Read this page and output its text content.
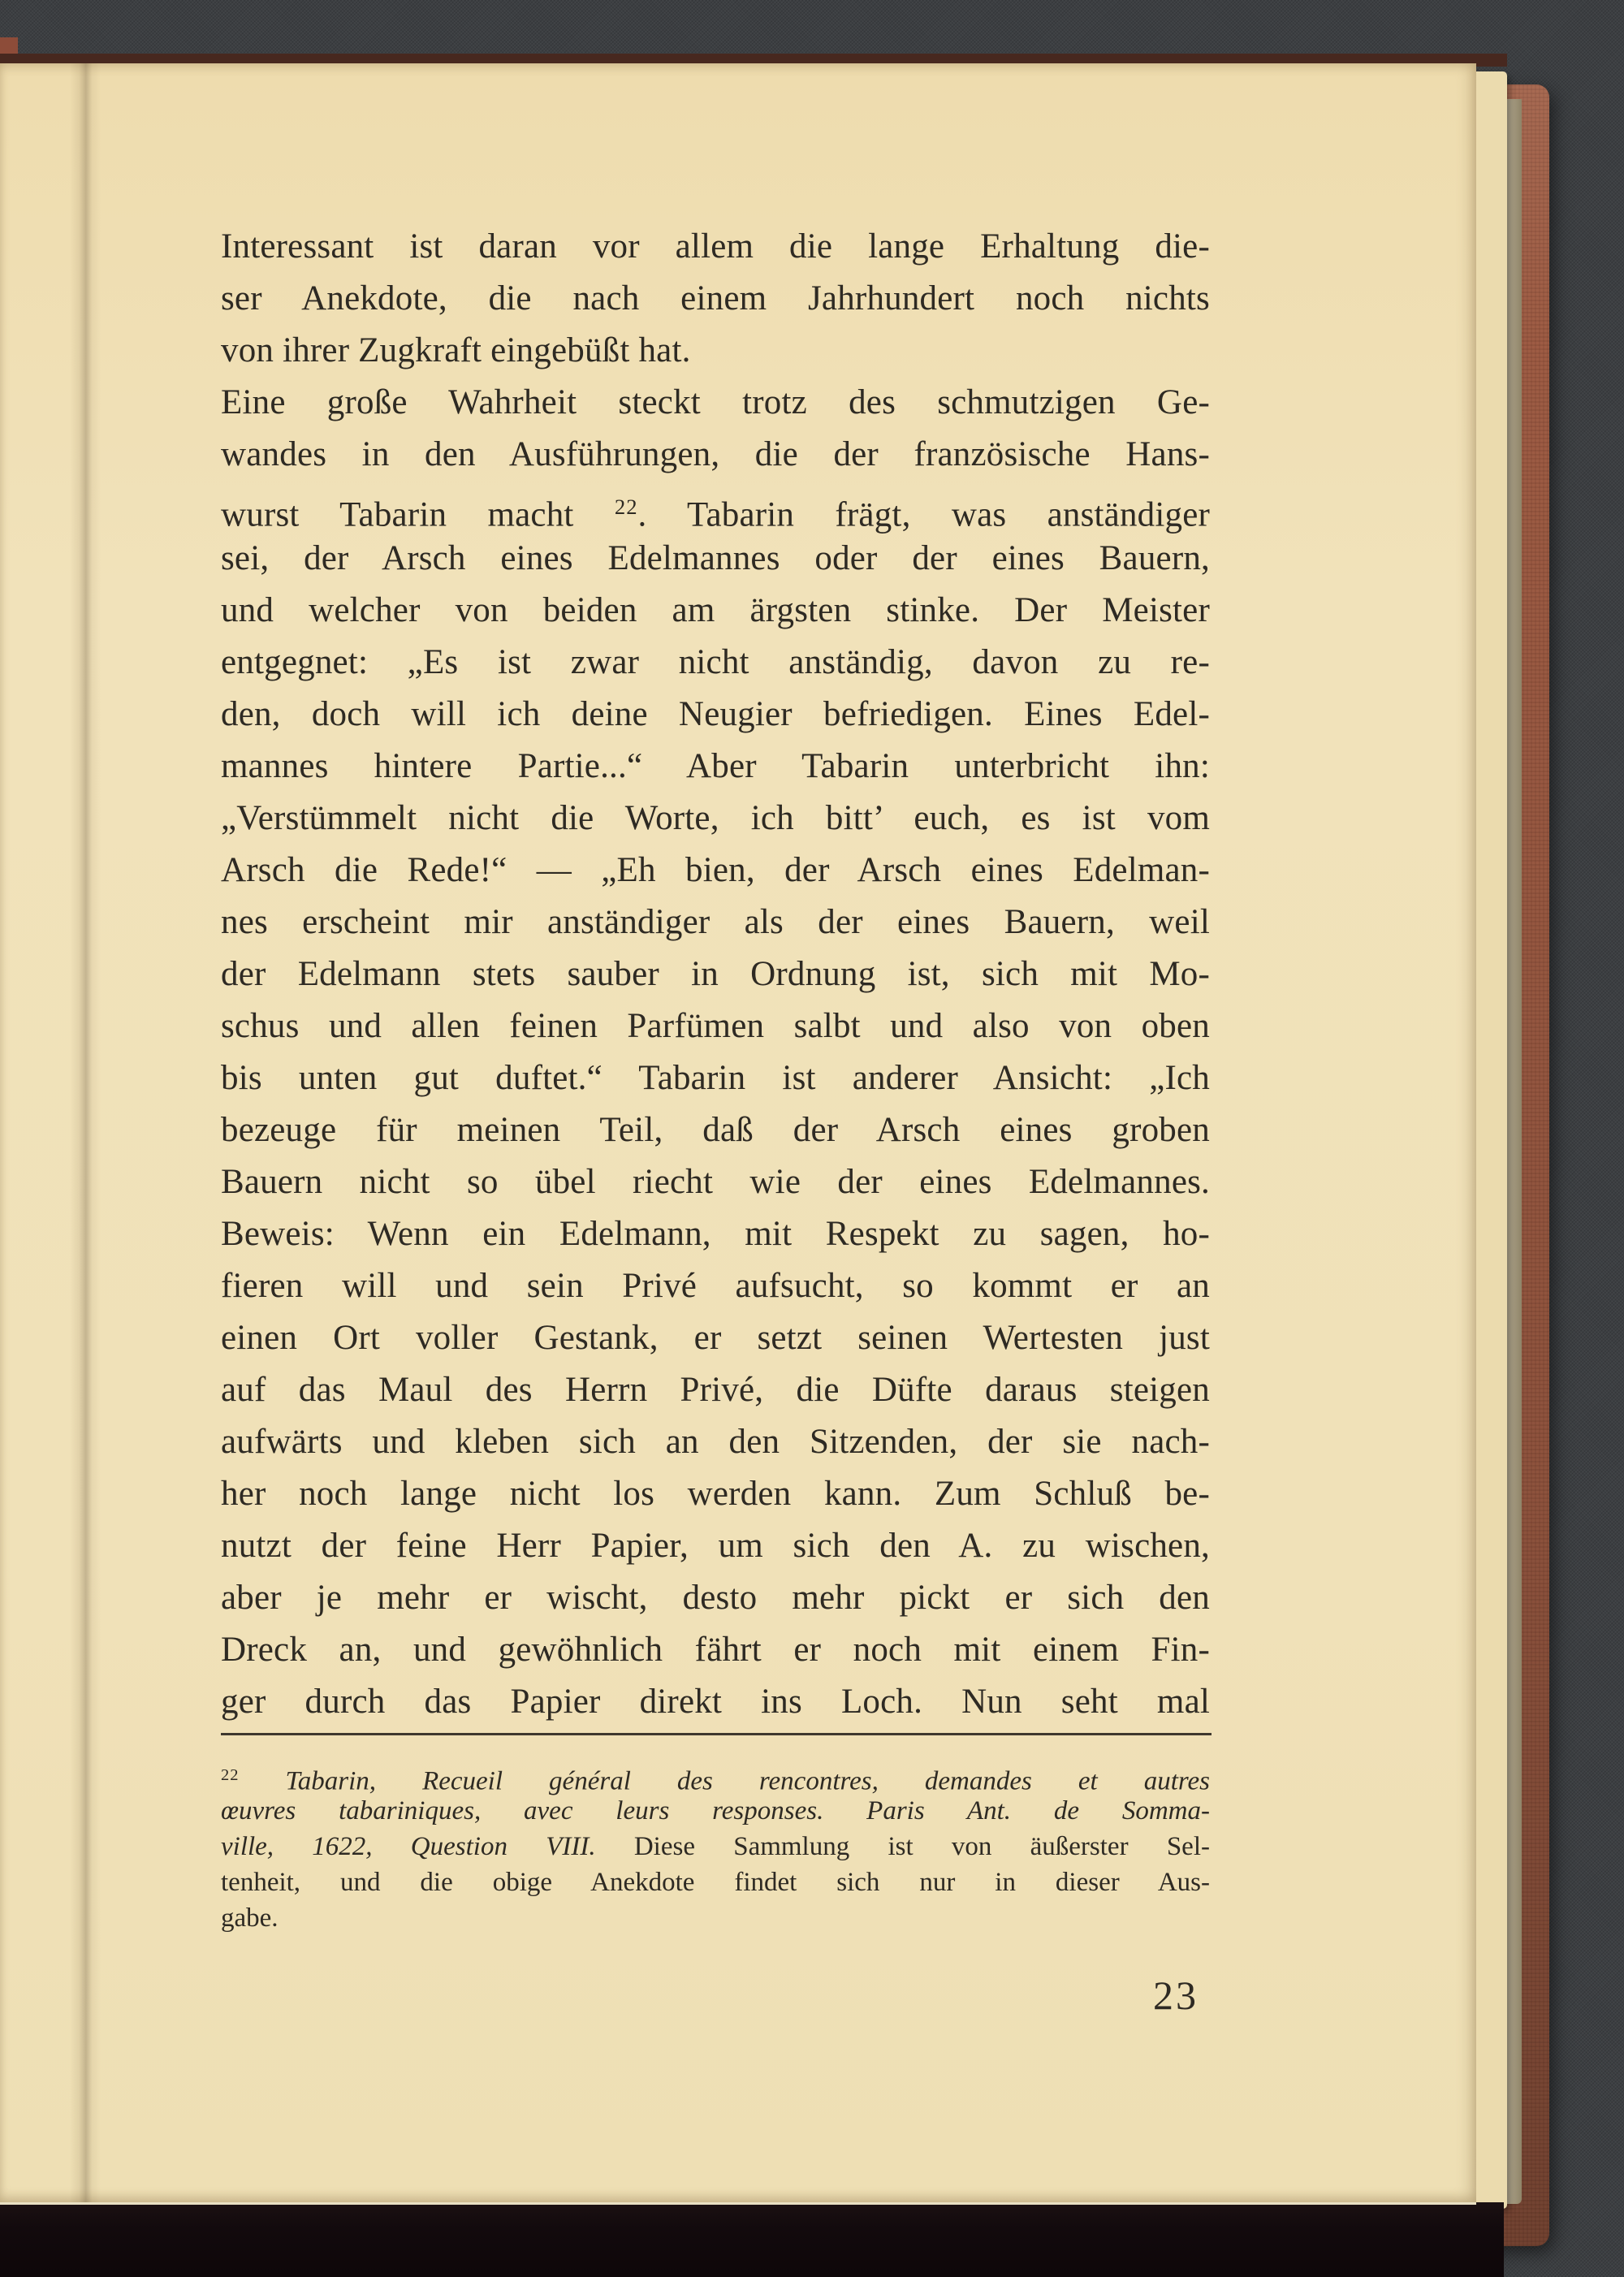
Interessant ist daran vor allem die lange Erhaltung die-
ser Anekdote, die nach einem Jahrhundert noch nichts
von ihrer Zugkraft eingebüßt hat.
Eine große Wahrheit steckt trotz des schmutzigen Ge-
wandes in den Ausführungen, die der französische Hans-
wurst Tabarin macht $^{22}$. Tabarin frägt, was anständiger
sei, der Arsch eines Edelmannes oder der eines Bauern,
und welcher von beiden am ärgsten stinke. Der Meister
entgegnet: „Es ist zwar nicht anständig, davon zu re-
den, doch will ich deine Neugier befriedigen. Eines Edel-
mannes hintere Partie...“ Aber Tabarin unterbricht ihn:
„Verstümmelt nicht die Worte, ich bitt’ euch, es ist vom
Arsch die Rede!“ — „Eh bien, der Arsch eines Edelman-
nes erscheint mir anständiger als der eines Bauern, weil
der Edelmann stets sauber in Ordnung ist, sich mit Mo-
schus und allen feinen Parfümen salbt und also von oben
bis unten gut duftet.“ Tabarin ist anderer Ansicht: „Ich
bezeuge für meinen Teil, daß der Arsch eines groben
Bauern nicht so übel riecht wie der eines Edelmannes.
Beweis: Wenn ein Edelmann, mit Respekt zu sagen, ho-
fieren will und sein Privé aufsucht, so kommt er an
einen Ort voller Gestank, er setzt seinen Wertesten just
auf das Maul des Herrn Privé, die Düfte daraus steigen
aufwärts und kleben sich an den Sitzenden, der sie nach-
her noch lange nicht los werden kann. Zum Schluß be-
nutzt der feine Herr Papier, um sich den A. zu wischen,
aber je mehr er wischt, desto mehr pickt er sich den
Dreck an, und gewöhnlich fährt er noch mit einem Fin-
ger durch das Papier direkt ins Loch. Nun seht mal
$^{22}$ Tabarin, Recueil général des rencontres, demandes et autres
œuvres tabariniques, avec leurs responses. Paris Ant. de Somma-
ville, 1622, Question VIII. Diese Sammlung ist von äußerster Sel-
tenheit, und die obige Anekdote findet sich nur in dieser Aus-
gabe.
23
